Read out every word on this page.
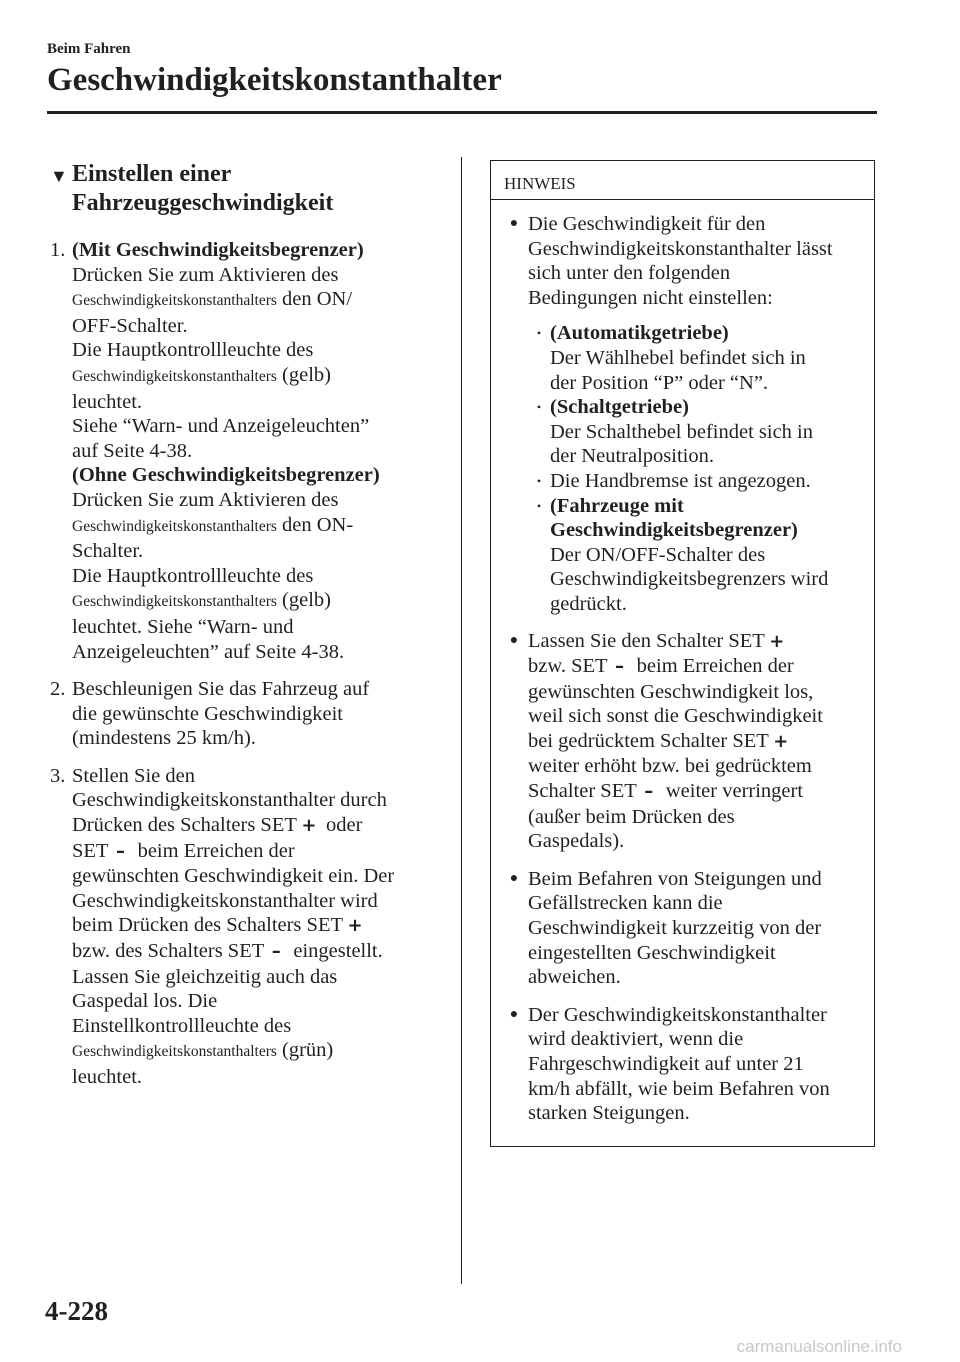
Beim Fahren
Geschwindigkeitskonstanthalter
▼ Einstellen einer
Fahrzeuggeschwindigkeit
1. (Mit Geschwindigkeitsbegrenzer)
Drücken Sie zum Aktivieren des
Geschwindigkeitskonstanthalters den ON/
OFF-Schalter.
Die Hauptkontrollleuchte des
Geschwindigkeitskonstanthalters (gelb)
leuchtet.
Siehe “Warn- und Anzeigeleuchten”
auf Seite 4-38.
(Ohne Geschwindigkeitsbegrenzer)
Drücken Sie zum Aktivieren des
Geschwindigkeitskonstanthalters den ON-
Schalter.
Die Hauptkontrollleuchte des
Geschwindigkeitskonstanthalters (gelb)
leuchtet. Siehe “Warn- und
Anzeigeleuchten” auf Seite 4-38.
2. Beschleunigen Sie das Fahrzeug auf
die gewünschte Geschwindigkeit
(mindestens 25 km/h).
3. Stellen Sie den
Geschwindigkeitskonstanthalter durch
Drücken des Schalters SET + oder
SET – beim Erreichen der
gewünschten Geschwindigkeit ein. Der
Geschwindigkeitskonstanthalter wird
beim Drücken des Schalters SET +
bzw. des Schalters SET – eingestellt.
Lassen Sie gleichzeitig auch das
Gaspedal los. Die
Einstellkontrollleuchte des
Geschwindigkeitskonstanthalters (grün)
leuchtet.
HINWEIS
● Die Geschwindigkeit für den
Geschwindigkeitskonstanthalter lässt
sich unter den folgenden
Bedingungen nicht einstellen:
• (Automatikgetriebe)
Der Wählhebel befindet sich in
der Position “P” oder “N”.
• (Schaltgetriebe)
Der Schalthebel befindet sich in
der Neutralposition.
• Die Handbremse ist angezogen.
• (Fahrzeuge mit
Geschwindigkeitsbegrenzer)
Der ON/OFF-Schalter des
Geschwindigkeitsbegrenzers wird
gedrückt.
● Lassen Sie den Schalter SET +
bzw. SET – beim Erreichen der
gewünschten Geschwindigkeit los,
weil sich sonst die Geschwindigkeit
bei gedrücktem Schalter SET +
weiter erhöht bzw. bei gedrücktem
Schalter SET – weiter verringert
(außer beim Drücken des
Gaspedals).
● Beim Befahren von Steigungen und
Gefällstrecken kann die
Geschwindigkeit kurzzeitig von der
eingestellten Geschwindigkeit
abweichen.
● Der Geschwindigkeitskonstanthalter
wird deaktiviert, wenn die
Fahrgeschwindigkeit auf unter 21
km/h abfällt, wie beim Befahren von
starken Steigungen.
4-228
carmanualsonline.info
